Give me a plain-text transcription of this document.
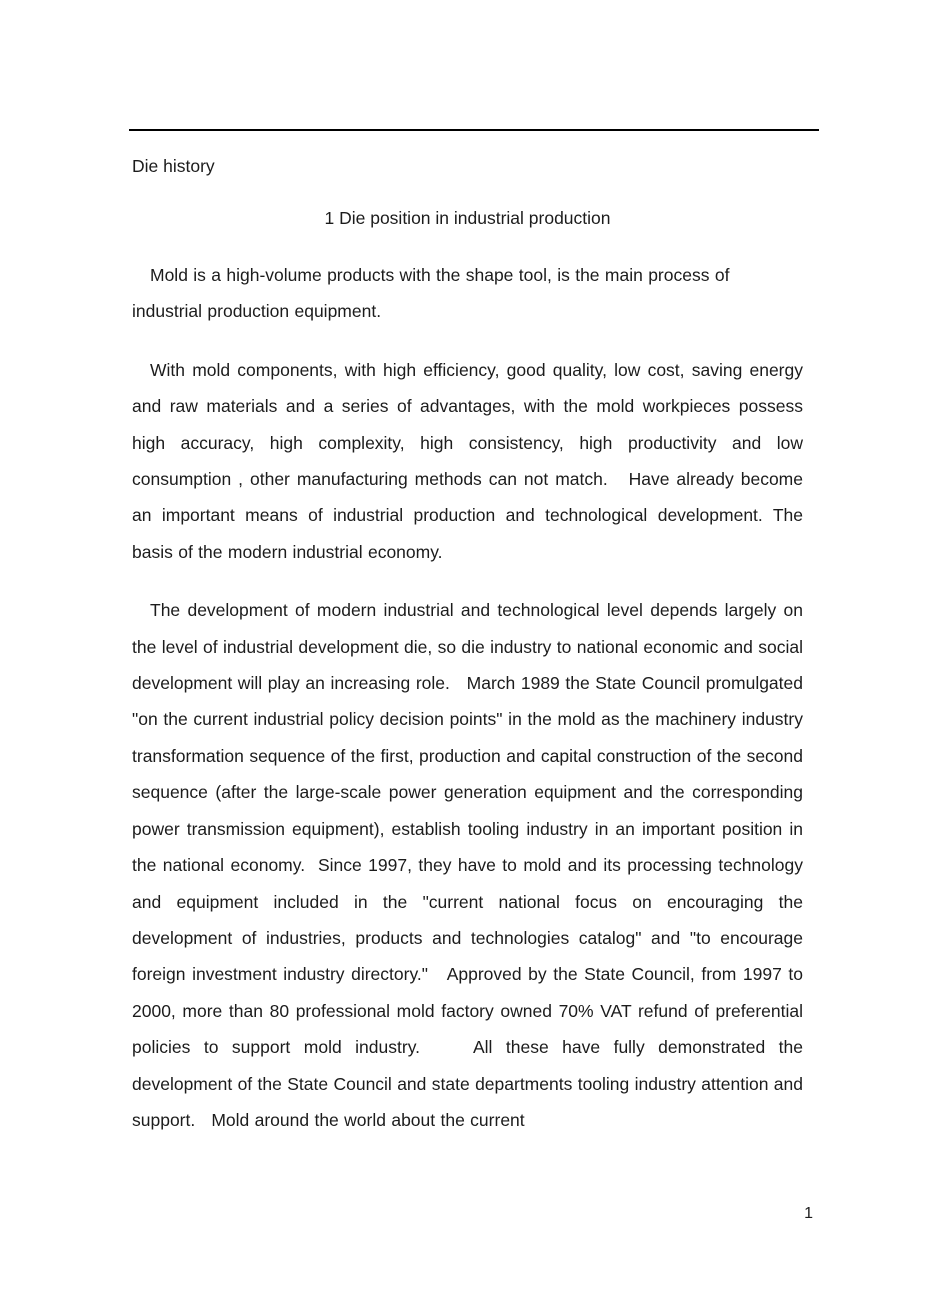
Die history
1 Die position in industrial production

Mold is a high-volume products with the shape tool, is the main process of industrial production equipment.

With mold components, with high efficiency, good quality, low cost, saving energy and raw materials and a series of advantages, with the mold workpieces possess high accuracy, high complexity, high consistency, high productivity and low consumption , other manufacturing methods can not match.   Have already become an important means of industrial production and technological development. The basis of the modern industrial economy.

The development of modern industrial and technological level depends largely on the level of industrial development die, so die industry to national economic and social development will play an increasing role.   March 1989 the State Council promulgated "on the current industrial policy decision points" in the mold as the machinery industry transformation sequence of the first, production and capital construction of the second sequence (after the large-scale power generation equipment and the corresponding power transmission equipment), establish tooling industry in an important position in the national economy.  Since 1997, they have to mold and its processing technology and equipment included in the "current national focus on encouraging the development of industries, products and technologies catalog" and "to encourage foreign investment industry directory."   Approved by the State Council, from 1997 to 2000, more than 80 professional mold factory owned 70% VAT refund of preferential policies to support mold industry.    All these have fully demonstrated the development of the State Council and state departments tooling industry attention and support.   Mold around the world about the current

1
